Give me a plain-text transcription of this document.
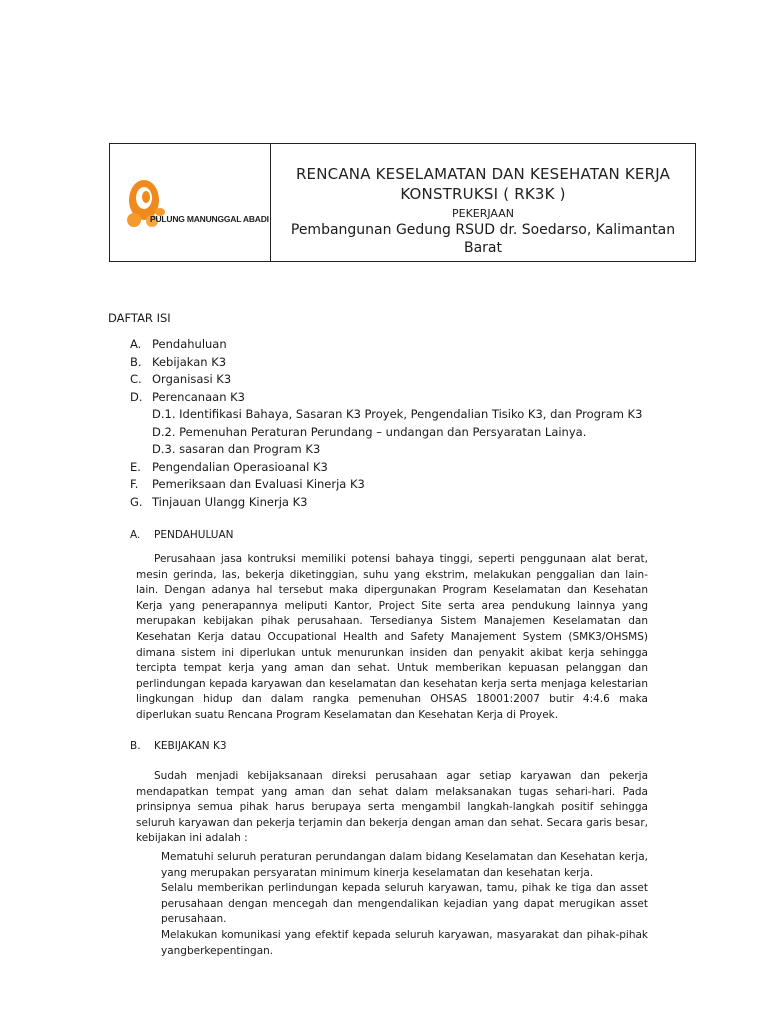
PULUNG MANUNGGAL ABADI
RENCANA KESELAMATAN DAN KESEHATAN KERJA
KONSTRUKSI ( RK3K )
PEKERJAAN
Pembangunan Gedung RSUD dr. Soedarso, Kalimantan Barat
DAFTAR ISI
A. Pendahuluan
B. Kebijakan K3
C. Organisasi K3
D. Perencanaan K3
D.1. Identifikasi Bahaya, Sasaran K3 Proyek, Pengendalian Tisiko K3, dan Program K3
D.2. Pemenuhan Peraturan Perundang – undangan dan Persyaratan Lainya.
D.3. sasaran dan Program K3
E. Pengendalian Operasioanal K3
F.	Pemeriksaan dan Evaluasi Kinerja K3
G. Tinjauan Ulangg Kinerja K3
A. PENDAHULUAN
Perusahaan jasa kontruksi memiliki potensi bahaya tinggi, seperti penggunaan alat berat, mesin gerinda, las, bekerja diketinggian, suhu yang ekstrim, melakukan penggalian dan lain-lain. Dengan adanya hal tersebut maka dipergunakan Program Keselamatan dan Kesehatan Kerja yang penerapannya meliputi Kantor, Project Site serta area pendukung lainnya yang merupakan kebijakan pihak perusahaan. Tersedianya Sistem Manajemen Keselamatan dan Kesehatan Kerja datau Occupational Health and Safety Manajement System (SMK3/OHSMS) dimana sistem ini diperlukan untuk menurunkan insiden dan penyakit akibat kerja sehingga tercipta tempat kerja yang aman dan sehat. Untuk memberikan kepuasan pelanggan dan perlindungan kepada karyawan dan keselamatan dan kesehatan kerja serta menjaga kelestarian lingkungan hidup dan dalam rangka pemenuhan OHSAS 18001:2007 butir 4:4.6 maka diperlukan suatu Rencana Program Keselamatan dan Kesehatan Kerja di Proyek.
B. KEBIJAKAN K3
Sudah menjadi kebijaksanaan direksi perusahaan agar setiap karyawan dan pekerja mendapatkan tempat yang aman dan sehat dalam melaksanakan tugas sehari-hari. Pada prinsipnya semua pihak harus berupaya serta mengambil langkah-langkah positif sehingga seluruh karyawan dan pekerja terjamin dan bekerja dengan aman dan sehat. Secara garis besar, kebijakan ini adalah :

Mematuhi seluruh peraturan perundangan dalam bidang Keselamatan dan Kesehatan kerja, yang merupakan persyaratan minimum kinerja keselamatan dan kesehatan kerja.

Selalu memberikan perlindungan kepada seluruh karyawan, tamu, pihak ke tiga dan asset perusahaan dengan mencegah dan mengendalikan kejadian yang dapat merugikan asset perusahaan.

Melakukan komunikasi yang efektif kepada seluruh karyawan, masyarakat dan pihak-pihak yangberkepentingan.
